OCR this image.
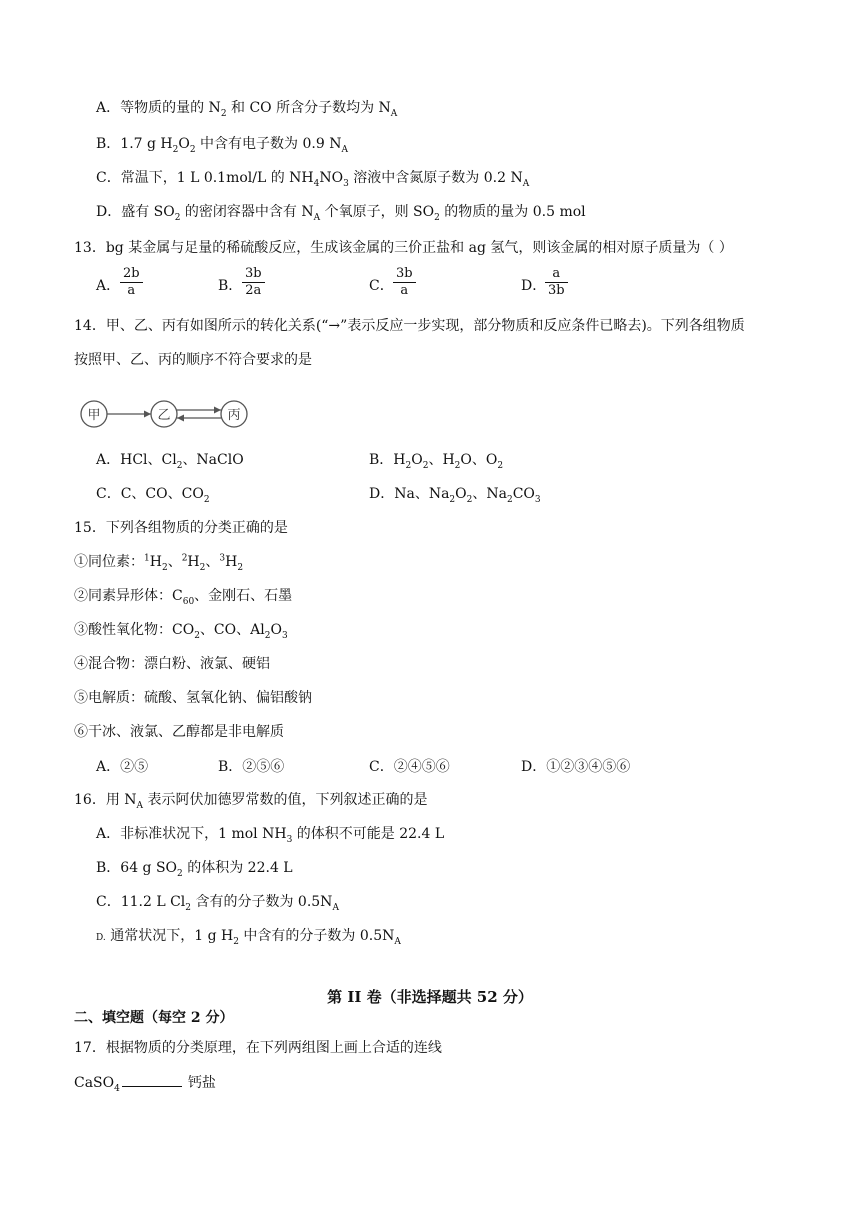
A．等物质的量的 $N_2$ 和 CO 所含分子数均为 $N_A$
B．1.7 g $H_2O_2$ 中含有电子数为 0.9 $N_A$
C．常温下，1 L 0.1mol/L 的 $NH_4NO_3$ 溶液中含氮原子数为 0.2 $N_A$
D．盛有 $SO_2$ 的密闭容器中含有 $N_A$ 个氧原子，则 $SO_2$ 的物质的量为 0.5 mol
13．bg 某金属与足量的稀硫酸反应，生成该金属的三价正盐和 ag 氢气，则该金属的相对原子质量为（ ）
A． $\frac{2b}{a}$	B． $\frac{3b}{2a}$	C． $\frac{3b}{a}$	D．
$\frac{a}{3b}$
14．甲、乙、丙有如图所示的转化关系(“→”表示反应一步实现，部分物质和反应条件已略去)。下列各组物质
按照甲、乙、丙的顺序不符合要求的是
甲	乙	丙
A．HCl、$Cl_2$、NaClO	B．$H_2O_2$、$H_2O$、$O_2$
C．C、CO、$CO_2$	D．Na、$Na_2O_2$、$Na_2CO_3$
15．下列各组物质的分类正确的是
①同位素：$^1H_2$、$^2H_2$、$^3H_2$
②同素异形体：$C_{60}$、金刚石、石墨
③酸性氧化物：$CO_2$、CO、$Al_2O_3$
④混合物：漂白粉、液氯、硬铝
⑤电解质：硫酸、氢氧化钠、偏铝酸钠
⑥干冰、液氯、乙醇都是非电解质
A．②⑤	B．②⑤⑥	C．②④⑤⑥	D．①②③④⑤⑥
16．用 $N_A$ 表示阿伏加德罗常数的值，下列叙述正确的是
A．非标准状况下，1 mol $NH_3$ 的体积不可能是 22.4 L
B．64 g $SO_2$ 的体积为 22.4 L
C．11.2 L $Cl_2$ 含有的分子数为 $0.5N_A$
D. 通常状况下，1 g $H_2$ 中含有的分子数为 $0.5N_A$
第 II 卷（非选择题共 52 分）
二、填空题（每空 2 分）
17．根据物质的分类原理，在下列两组图上画上合适的连线
CaSO$_4$	钙盐
